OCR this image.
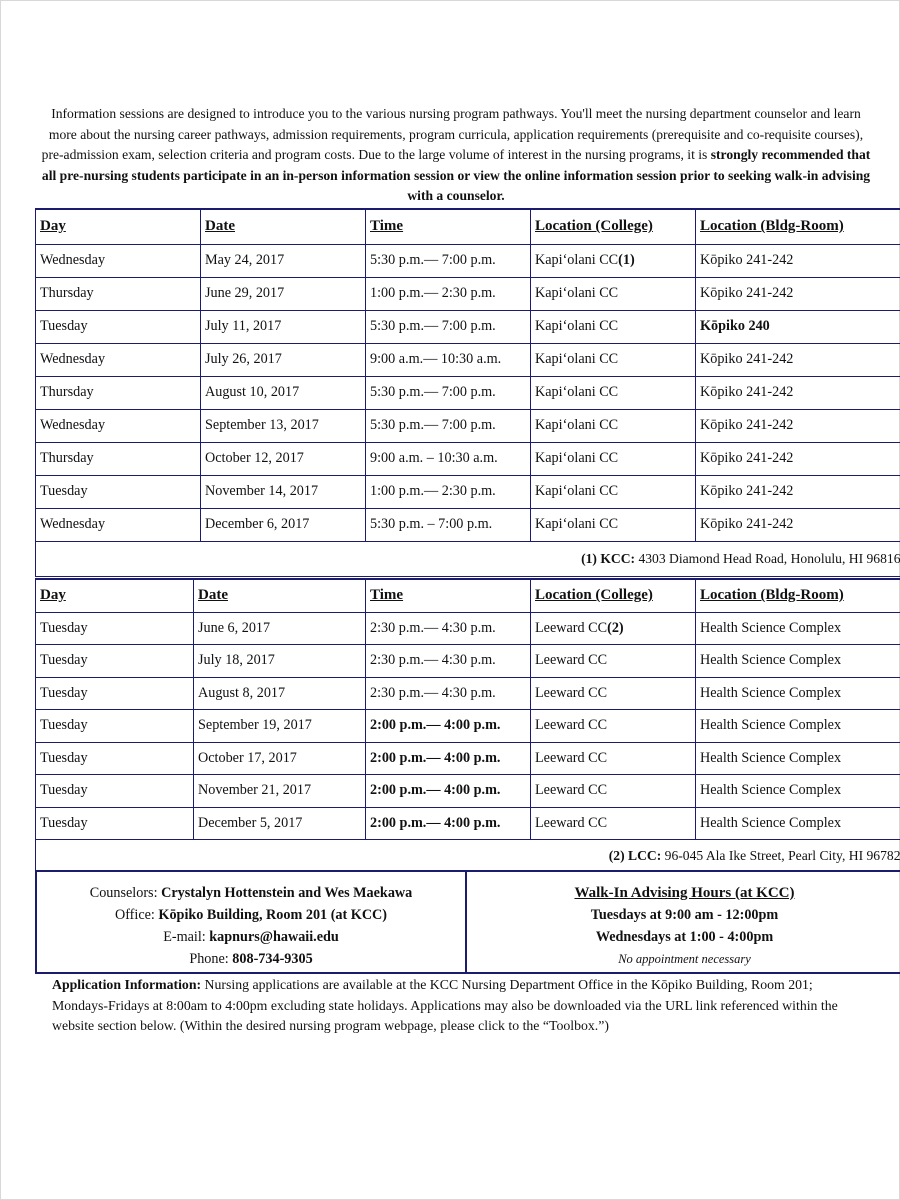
Information sessions are designed to introduce you to the various nursing program pathways. You'll meet the nursing department counselor and learn more about the nursing career pathways, admission requirements, program curricula, application requirements (prerequisite and co-requisite courses), pre-admission exam, selection criteria and program costs. Due to the large volume of interest in the nursing programs, it is strongly recommended that all pre-nursing students participate in an in-person information session or view the online information session prior to seeking walk-in advising with a counselor.
Day	Date	Time	Location (College)	Location (Bldg-Room)
Wednesday	May 24, 2017	5:30 p.m.— 7:00 p.m.	Kapi‘olani CC(1)	Kōpiko 241-242
Thursday	June 29, 2017	1:00 p.m.— 2:30 p.m.	Kapi‘olani CC	Kōpiko 241-242
Tuesday	July 11, 2017	5:30 p.m.— 7:00 p.m.	Kapi‘olani CC	Kōpiko 240
Wednesday	July 26, 2017	9:00 a.m.— 10:30 a.m.	Kapi‘olani CC	Kōpiko 241-242
Thursday	August 10, 2017	5:30 p.m.— 7:00 p.m.	Kapi‘olani CC	Kōpiko 241-242
Wednesday	September 13, 2017	5:30 p.m.— 7:00 p.m.	Kapi‘olani CC	Kōpiko 241-242
Thursday	October 12, 2017	9:00 a.m. – 10:30 a.m.	Kapi‘olani CC	Kōpiko 241-242
Tuesday	November 14, 2017	1:00 p.m.— 2:30 p.m.	Kapi‘olani CC	Kōpiko 241-242
Wednesday	December 6, 2017	5:30 p.m. – 7:00 p.m.	Kapi‘olani CC	Kōpiko 241-242
(1) KCC: 4303 Diamond Head Road, Honolulu, HI 96816				
Day	Date	Time	Location (College)	Location (Bldg-Room)
Tuesday	June 6, 2017	2:30 p.m.— 4:30 p.m.	Leeward CC(2)	Health Science Complex
Tuesday	July 18, 2017	2:30 p.m.— 4:30 p.m.	Leeward CC	Health Science Complex
Tuesday	August 8, 2017	2:30 p.m.— 4:30 p.m.	Leeward CC	Health Science Complex
Tuesday	September 19, 2017	2:00 p.m.— 4:00 p.m.	Leeward CC	Health Science Complex
Tuesday	October 17, 2017	2:00 p.m.— 4:00 p.m.	Leeward CC	Health Science Complex
Tuesday	November 21, 2017	2:00 p.m.— 4:00 p.m.	Leeward CC	Health Science Complex
Tuesday	December 5, 2017	2:00 p.m.— 4:00 p.m.	Leeward CC	Health Science Complex
(2) LCC: 96-045 Ala Ike Street, Pearl City, HI 96782				
Counselors: Crystalyn Hottenstein and Wes Maekawa
Office: Kōpiko Building, Room 201 (at KCC)
E-mail: kapnurs@hawaii.edu
Phone: 808-734-9305
Walk-In Advising Hours (at KCC)
Tuesdays at 9:00 am - 12:00pm
Wednesdays at 1:00 - 4:00pm
No appointment necessary
Application Information: Nursing applications are available at the KCC Nursing Department Office in the Kōpiko Building, Room 201; Mondays-Fridays at 8:00am to 4:00pm excluding state holidays. Applications may also be downloaded via the URL link referenced within the website section below. (Within the desired nursing program webpage, please click to the “Toolbox.”)
